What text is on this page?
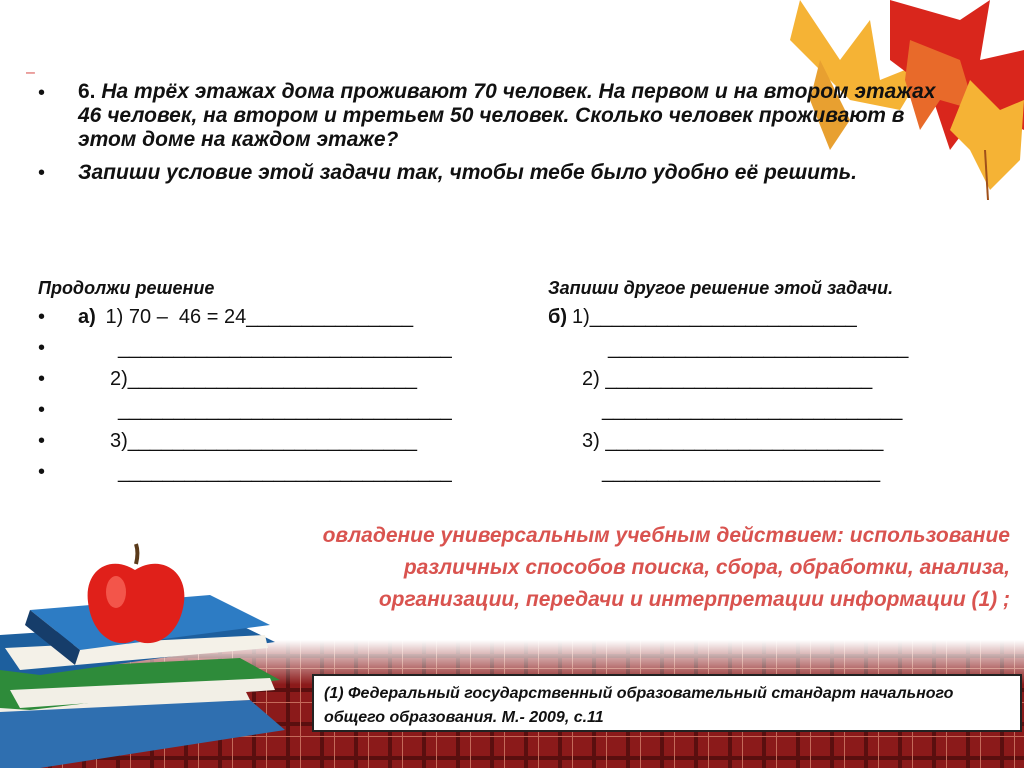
–
•
•
•
•
•
•
•
•
6. На трёх этажах дома проживают 70 человек. На первом и на втором этажах 46 человек, на втором и третьем 50 человек. Сколько человек проживают в этом доме на каждом этаже?
Запиши условие этой задачи так, чтобы тебе было удобно её решить.
Продолжи решение	Запиши другое решение этой задачи.
а) 1) 70 –  46 = 24_______________
______________________________
2)__________________________
______________________________
3)__________________________
______________________________
б) 1)________________________
___________________________
2) ________________________
___________________________
3) _________________________
_________________________
овладение универсальным учебным действием: использование различных способов поиска, сбора, обработки, анализа, организации, передачи и интерпретации информации (1) ;
(1) Федеральный государственный образовательный стандарт начального общего образования. М.- 2009, с.11
